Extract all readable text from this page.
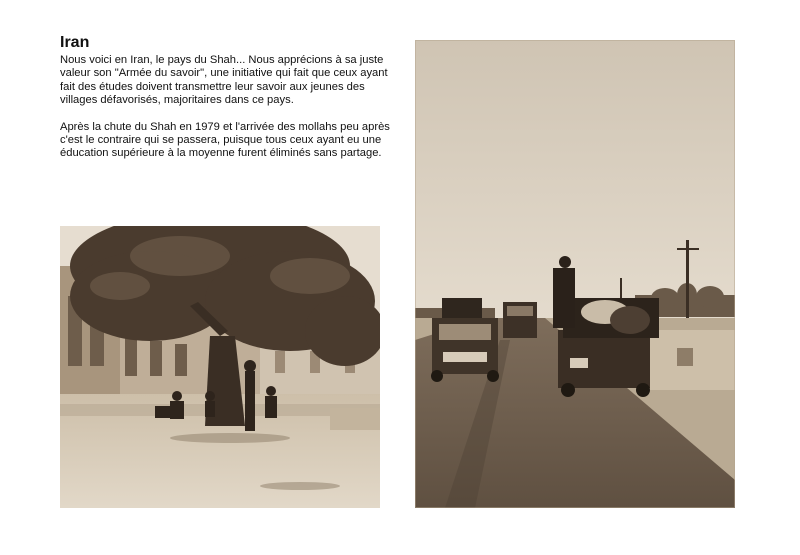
Iran

Nous voici en Iran, le pays du Shah... Nous apprécions à sa juste valeur son "Armée du savoir", une initiative qui fait que ceux ayant fait des études doivent transmettre leur savoir aux jeunes des villages défavorisés, majoritaires dans ce pays.

Après la chute du Shah en 1979 et l'arrivée des mollahs peu après c'est le contraire qui se passera, puisque tous ceux ayant eu une éducation supérieure à la moyenne furent éliminés sans partage.
